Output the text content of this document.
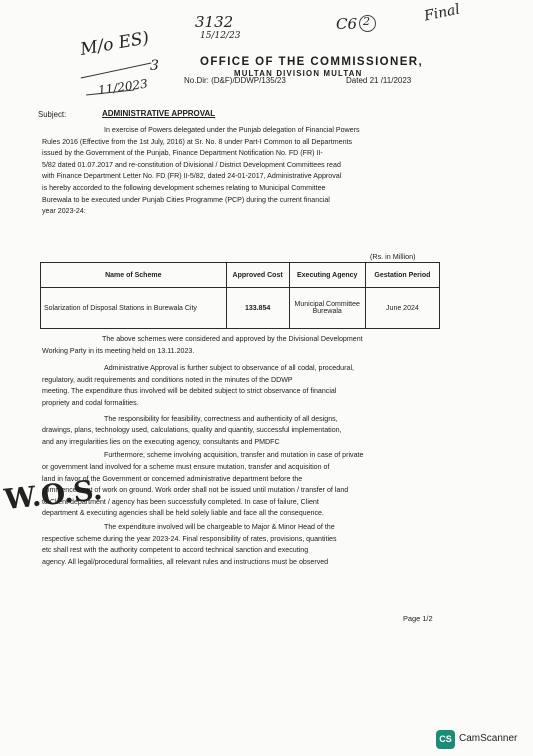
3132
15/12/23
C6 2	Final
M/o ES)
3
11/2023
W.O.S.
OFFICE OF THE COMMISSIONER,
MULTAN DIVISION MULTAN
No.Dir: (D&F)/DDWP/135/23	Dated 21 /11/2023
Subject:	ADMINISTRATIVE APPROVAL
In exercise of Powers delegated under the Punjab delegation of Financial Powers
Rules 2016 (Effective from the 1st July, 2016) at Sr. No. 8 under Part-I Common to all Departments
issued by the Government of the Punjab, Finance Department Notification No. FD (FR) II-
5/82 dated 01.07.2017 and re-constitution of Divisional / District Development Committees read
with Finance Department Letter No. FD (FR) II-5/82, dated 24-01-2017, Administrative Approval
is hereby accorded to the following development schemes relating to Municipal Committee
Burewala to be executed under Punjab Cities Programme (PCP) during the current financial
year 2023-24:
(Rs. in Million)
Name of Scheme	Approved Cost	Executing Agency	Gestation Period
Solarization of Disposal Stations in Burewala City	133.854	Municipal Committee Burewala	June 2024
The above schemes were considered and approved by the Divisional Development
Working Party in its meeting held on 13.11.2023.
Administrative Approval is further subject to observance of all codal, procedural,
regulatory, audit requirements and conditions noted in the minutes of the DDWP
meeting. The expenditure thus involved will be debited subject to strict observance of financial
propriety and codal formalities.
The responsibility for feasibility, correctness and authenticity of all designs,
drawings, plans, technology used, calculations, quality and quantity, successful implementation,
and any irregularities lies on the executing agency, consultants and PMDFC
Furthermore, scheme involving acquisition, transfer and mutation in case of private
or government land involved for a scheme must ensure mutation, transfer and acquisition of
land in favor of the Government or concerned administrative department before the
commencement of work on ground. Work order shall not be issued until mutation / transfer of land
to Client department / agency has been successfully completed. In case of failure, Client
department & executing agencies shall be held solely liable and face all the consequence.
The expenditure involved will be chargeable to Major & Minor Head of the
respective scheme during the year 2023-24. Final responsibility of rates, provisions, quantities
etc shall rest with the authority competent to accord technical sanction and executing
agency. All legal/procedural formalities, all relevant rules and instructions must be observed
Page 1/2
CS CamScanner
